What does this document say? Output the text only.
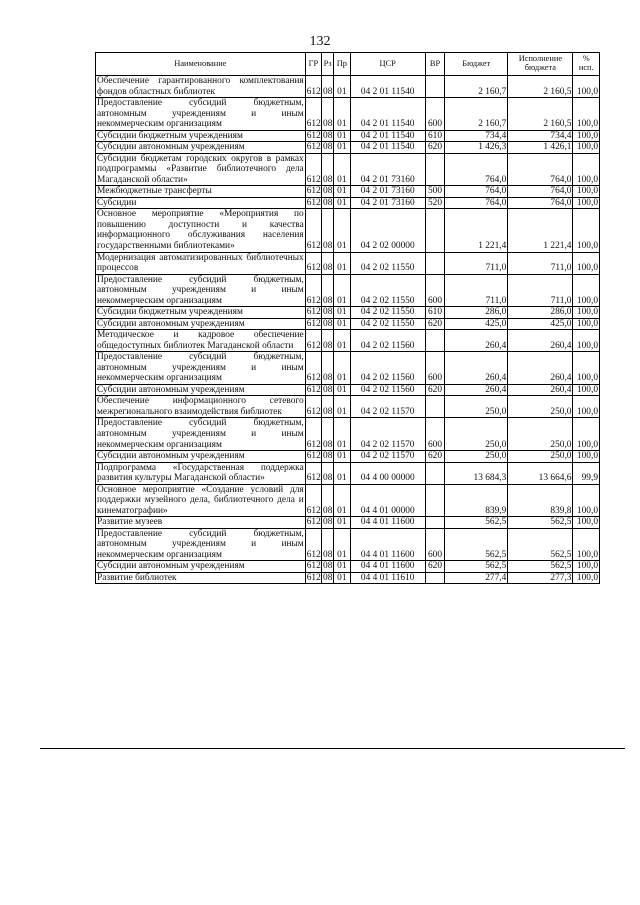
132
Наименование	ГР	Рз	Пр	ЦСР	ВР	Бюджет	Исполнение бюджета	% исп.
Обеспечение гарантированного комплектования фондов областных библиотек	612	08	01	04 2 01 11540		2 160,7	2 160,5	100,0
Предоставление субсидий бюджетным, автономным учреждениям и иным некоммерческим организациям	612	08	01	04 2 01 11540	600	2 160,7	2 160,5	100,0
Субсидии бюджетным учреждениям	612	08	01	04 2 01 11540	610	734,4	734,4	100,0
Субсидии автономным учреждениям	612	08	01	04 2 01 11540	620	1 426,3	1 426,1	100,0
Субсидии бюджетам городских округов в рамках подпрограммы «Развитие библиотечного дела Магаданской области»	612	08	01	04 2 01 73160		764,0	764,0	100,0
Межбюджетные трансферты	612	08	01	04 2 01 73160	500	764,0	764,0	100,0
Субсидии	612	08	01	04 2 01 73160	520	764,0	764,0	100,0
Основное мероприятие «Мероприятия по повышению доступности и качества информационного обслуживания населения государственными библиотеками»	612	08	01	04 2 02 00000		1 221,4	1 221,4	100,0
Модернизация автоматизированных библиотечных процессов	612	08	01	04 2 02 11550		711,0	711,0	100,0
Предоставление субсидий бюджетным, автономным учреждениям и иным некоммерческим организациям	612	08	01	04 2 02 11550	600	711,0	711,0	100,0
Субсидии бюджетным учреждениям	612	08	01	04 2 02 11550	610	286,0	286,0	100,0
Субсидии автономным учреждениям	612	08	01	04 2 02 11550	620	425,0	425,0	100,0
Методическое и кадровое обеспечение общедоступных библиотек Магаданской области	612	08	01	04 2 02 11560		260,4	260,4	100,0
Предоставление субсидий бюджетным, автономным учреждениям и иным некоммерческим организациям	612	08	01	04 2 02 11560	600	260,4	260,4	100,0
Субсидии автономным учреждениям	612	08	01	04 2 02 11560	620	260,4	260,4	100,0
Обеспечение информационного сетевого межрегионального взаимодействия библиотек	612	08	01	04 2 02 11570		250,0	250,0	100,0
Предоставление субсидий бюджетным, автономным учреждениям и иным некоммерческим организациям	612	08	01	04 2 02 11570	600	250,0	250,0	100,0
Субсидии автономным учреждениям	612	08	01	04 2 02 11570	620	250,0	250,0	100,0
Подпрограмма «Государственная поддержка развития культуры Магаданской области»	612	08	01	04 4 00 00000		13 684,3	13 664,6	99,9
Основное мероприятие «Создание условий для поддержки музейного дела, библиотечного дела и кинематографии»	612	08	01	04 4 01 00000		839,9	839,8	100,0
Развитие музеев	612	08	01	04 4 01 11600		562,5	562,5	100,0
Предоставление субсидий бюджетным, автономным учреждениям и иным некоммерческим организациям	612	08	01	04 4 01 11600	600	562,5	562,5	100,0
Субсидии автономным учреждениям	612	08	01	04 4 01 11600	620	562,5	562,5	100,0
Развитие библиотек	612	08	01	04 4 01 11610		277,4	277,3	100,0
